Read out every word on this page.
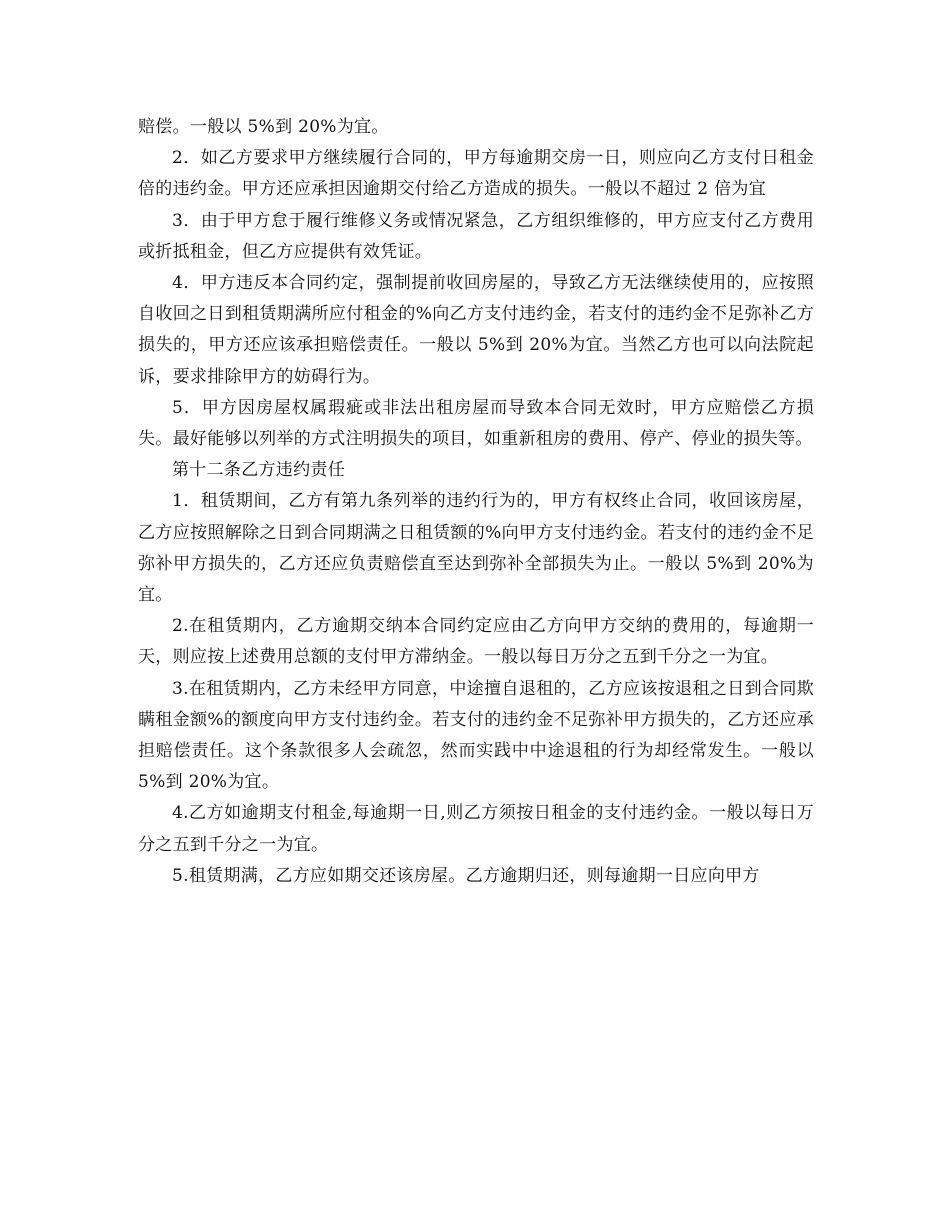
赔偿。一般以 5%到 20%为宜。

2．如乙方要求甲方继续履行合同的，甲方每逾期交房一日，则应向乙方支付日租金倍的违约金。甲方还应承担因逾期交付给乙方造成的损失。一般以不超过 2 倍为宜

3．由于甲方怠于履行维修义务或情况紧急，乙方组织维修的，甲方应支付乙方费用或折抵租金，但乙方应提供有效凭证。

4．甲方违反本合同约定，强制提前收回房屋的，导致乙方无法继续使用的，应按照自收回之日到租赁期满所应付租金的%向乙方支付违约金，若支付的违约金不足弥补乙方损失的，甲方还应该承担赔偿责任。一般以 5%到 20%为宜。当然乙方也可以向法院起诉，要求排除甲方的妨碍行为。

5．甲方因房屋权属瑕疵或非法出租房屋而导致本合同无效时，甲方应赔偿乙方损失。最好能够以列举的方式注明损失的项目，如重新租房的费用、停产、停业的损失等。

第十二条乙方违约责任

1．租赁期间，乙方有第九条列举的违约行为的，甲方有权终止合同，收回该房屋，乙方应按照解除之日到合同期满之日租赁额的%向甲方支付违约金。若支付的违约金不足弥补甲方损失的，乙方还应负责赔偿直至达到弥补全部损失为止。一般以 5%到 20%为宜。

2.在租赁期内，乙方逾期交纳本合同约定应由乙方向甲方交纳的费用的，每逾期一天，则应按上述费用总额的支付甲方滞纳金。一般以每日万分之五到千分之一为宜。

3.在租赁期内，乙方未经甲方同意，中途擅自退租的，乙方应该按退租之日到合同欺瞒租金额%的额度向甲方支付违约金。若支付的违约金不足弥补甲方损失的，乙方还应承担赔偿责任。这个条款很多人会疏忽，然而实践中中途退租的行为却经常发生。一般以 5%到 20%为宜。

4.乙方如逾期支付租金,每逾期一日,则乙方须按日租金的支付违约金。一般以每日万分之五到千分之一为宜。

5.租赁期满，乙方应如期交还该房屋。乙方逾期归还，则每逾期一日应向甲方
